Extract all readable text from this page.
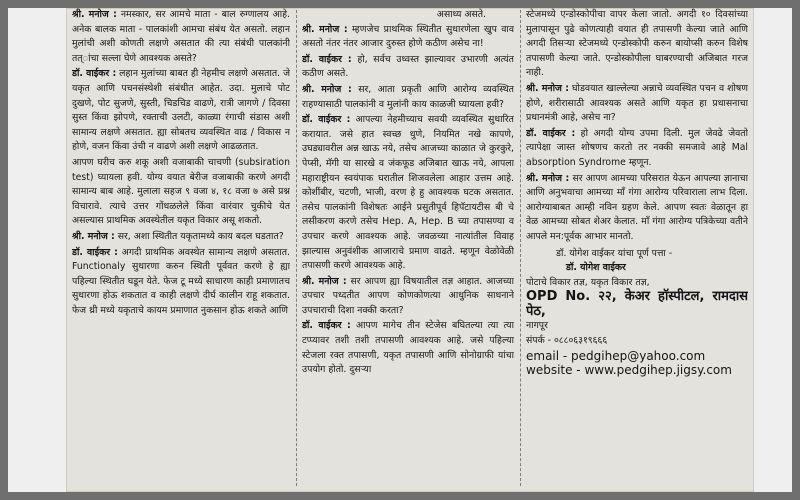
श्री. मनोज : नमस्कार, सर आमचे माता - बाल रुग्णालय आहे. अनेक बालक माता - पालकांशी आमचा संबंध येत असतो. लहान मुलांची अशी कोणती लक्षणे असतात की त्या संबंधी पालकांनी तत्ांचा सल्ला घेणे आवश्यक असते?
डॉ. वाईकर : लहान मुलांच्या बाबत ही नेहमीच लक्षणे असतात. जे यकृत आणि पचनसंस्थेशी संबंधीत आहेत. उदा. मुलाचे पोट दुखणे, पोट सुजणे, सुस्ती, चिडचिड वाढणे, रात्री जागणे / दिवसा सुस्त किंवा झोपणे, रक्ताची उलटी, काळ्या रंगाची संडास अशी सामान्य लक्षणे असतात. ह्या सोबतच व्यवस्थित वाढ / विकास न होणे, वजन किंवा उंची न वाढणे अशी लक्षणे आढळतात.
आपण घरीच करु शकू अशी वजाबाकी चाचणी (subsiration test) घ्यायला हवी. योग्य वयात बेरीज वजाबाकी करणे अगदी सामान्य बाब आहे. मुलाला सहज ९ वजा ४, १८ वजा ७ असे प्रश्न विचारावे. त्याचे उत्तर गोंधळलेले किंवा वारंवार चुकीचे येत असल्यास प्राथमिक अवस्थेतील यकृत विकार असू शकतो.
श्री. मनोज : सर, अशा स्थितीत यकृतामध्ये काय बदल घडतात?
डॉ. वाईकर : अगदी प्राथमिक अवस्थेत सामान्य लक्षणे असतात. Functionaly सुधारणा करुन स्थिती पूर्ववत करणे हे ह्या पहिल्या स्थितीत घडून येते. फेज टू मध्ये साधारण काही प्रमाणातच सुधारणा होऊ शकतात व काही लक्षणे दीर्घ कालीन राहू शकतात. फेज थ्री मध्ये यकृताचे कायम प्रमाणात नुकसान होऊ शकते आणि
असाध्य असते.
श्री. मनोज : म्हणजेच प्राथमिक स्थितीत सुधारणेला खुप वाव असतो नंतर नंतर आजार दुरुस्त होणे कठीण असेच ना!
डॉ. वाईकर : हो, सर्वच उध्वस्त झाल्यावर उभारणी अत्यंत कठीण असते.
श्री. मनोज : सर, आता प्रकृती आणि आरोग्य व्यवस्थित राहण्यासाठी पालकांनी व मुलांनी काय काळजी घ्यायला हवी?
डॉ. वाईकर : आपल्या नेहमीच्याच सवयी व्यवस्थित सुधारित करायात. जसे हात स्वच्छ धुणे, नियमित नखे कापणे, उघड्यावरील अन्न खाऊ नये, तसेच आजच्या काळात जे कुरकुरे, पेप्सी, मॅगी या सारखे व जंकफूड अजिबात खाऊ नये, आपला महाराष्ट्रीयन स्वयंपाक घरातील शिजवलेला आहार उत्तम आहे. कोशींबीर, चटणी, भाजी, वरण हे हु आवश्यक घटक असतात. तसेच पालकांनी विशेषतः आईने प्रसुतीपूर्व हिपॅटायटीस बी चे लसीकरण करणे तसेच Hep. A, Hep. B च्या तपासण्या व उपचार करणे आवश्यक आहे. जवळच्या नात्यांतील विवाह झाल्यास अनुवंशीक आजाराचे प्रमाण वाढते. म्हणून वेळोवेळी तपासणी करणे आवश्यक आहे.
श्री. मनोज : सर आपण ह्या विषयातील तज्ञ आहात. आजच्या उपचार पध्दतीत आपण कोणकोणत्या आधुनिक साधनाने उपचाराची दिशा नक्की करता?
डॉ. वाईकर : आपण मागेच तीन स्टेजेस बघितल्या त्या त्या टप्प्यावर तशी तशी तपासणी आवश्यक आहे. जसे पहिल्या स्टेजला रक्त तपासणी, यकृत तपासणी आणि सोनोग्राफी यांचा उपयोग होतो. दुसऱ्या
स्टेजमध्ये एन्डोस्कोपीचा वापर केला जातो. अगदी १० दिवसांच्या मुलापासून पुढे कोणत्याही वयात ही तपासणी केल्या जाते आणि अगदी तिसऱ्या स्टेजमध्ये एन्डोस्कोपी करुन बायोप्सी करुन विशेष तपासणी केल्या जाते. एन्डोस्कोपीला घाबरण्याची अजिबात गरज नाही.
श्री. मनोज : घोडवयात खाल्लेल्या अन्नाचे व्यवस्थित पचन व शोषण होणे, शरीरासाठी आवश्यक असते आणि यकृत हा प्रधासनाचा प्रधानमंत्री आहे, असेच ना?
डॉ. वाईकर : हो अगदी योग्य उपमा दिली. मुल जेवढे जेवतो त्यापेक्षा जास्त शोषणच करतो तर नक्की समजावे आहे Mal absorption Syndrome म्हणून.
श्री. मनोज : सर आपण आमच्या परिसरात येऊन आपल्या ज्ञानाचा आणि अनुभवाचा आमच्या माँ गंगा आरोग्य परिवाराला लाभ दिला. आरोग्याबाबत आम्ही नविन ग्रहण केले. आपण स्वतः वेळातून हा वेळ आमच्या सोबत शेअर केलात. माँ गंगा आरोग्य पत्रिकेच्या वतीने आपले मन:पूर्वक आभार मानतो.
डॉ. योगेश वाईकर यांचा पूर्ण पत्ता -
डॉ. योगेश वाईकर
पोटाचे विकार तज्ञ, यकृत विकार तज्ञ,
OPD No. २२, केअर हॉस्पीटल, रामदास पेठ,
नागपूर
संपर्क - ०८८०६३१९६६६
email - pedgihep@yahoo.com
website - www.pedgihep.jigsy.com
